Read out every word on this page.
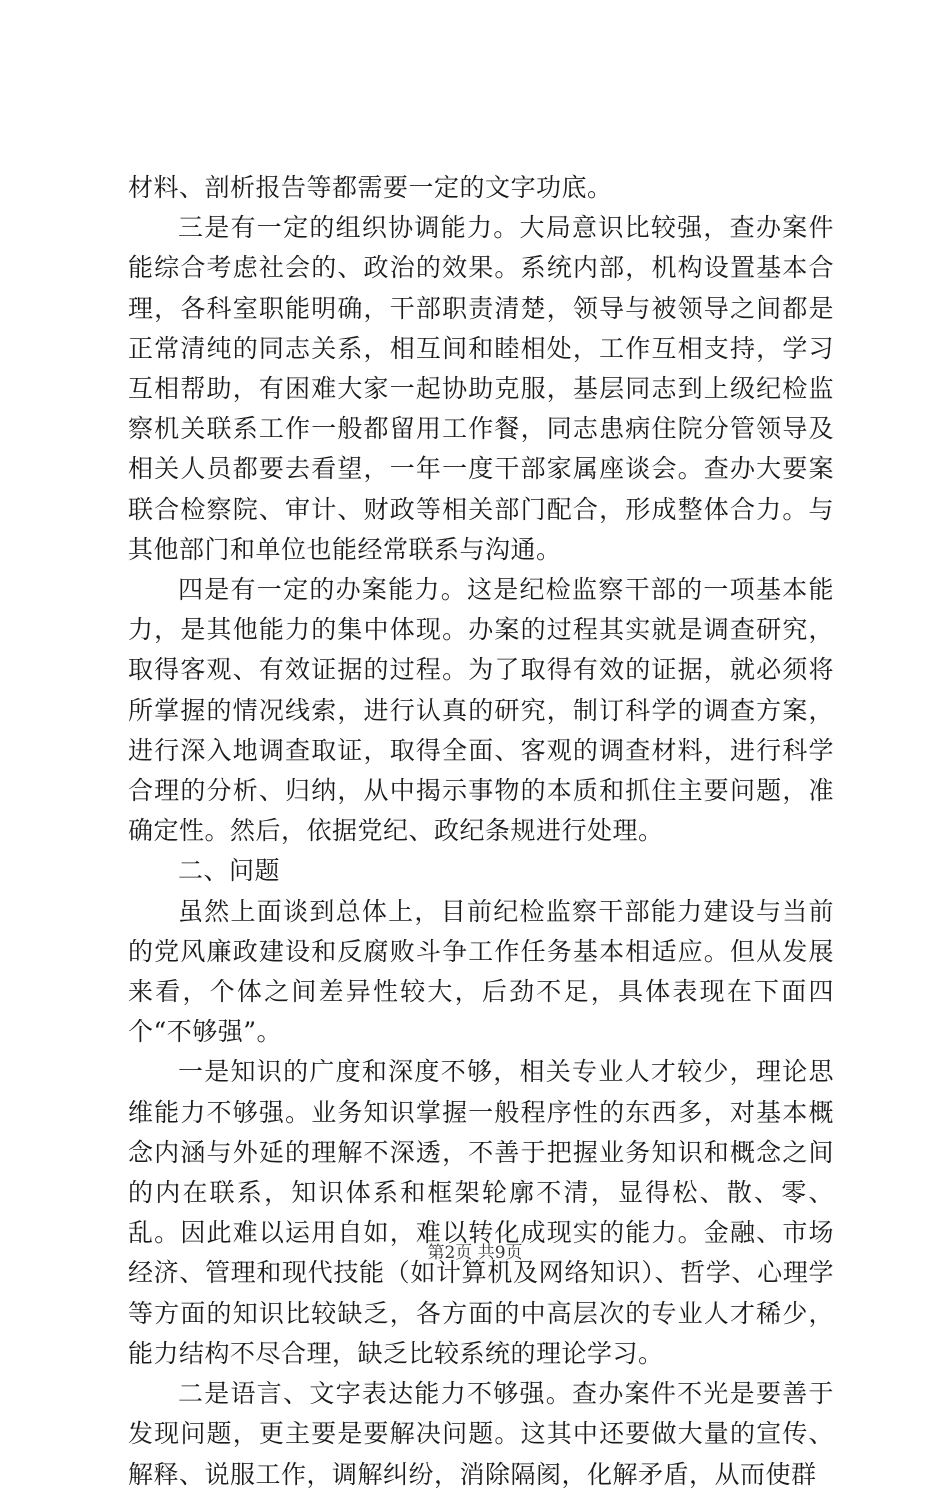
材料、剖析报告等都需要一定的文字功底。

三是有一定的组织协调能力。大局意识比较强，查办案件能综合考虑社会的、政治的效果。系统内部，机构设置基本合理，各科室职能明确，干部职责清楚，领导与被领导之间都是正常清纯的同志关系，相互间和睦相处，工作互相支持，学习互相帮助，有困难大家一起协助克服，基层同志到上级纪检监察机关联系工作一般都留用工作餐，同志患病住院分管领导及相关人员都要去看望，一年一度干部家属座谈会。查办大要案联合检察院、审计、财政等相关部门配合，形成整体合力。与其他部门和单位也能经常联系与沟通。

四是有一定的办案能力。这是纪检监察干部的一项基本能力，是其他能力的集中体现。办案的过程其实就是调查研究，取得客观、有效证据的过程。为了取得有效的证据，就必须将所掌握的情况线索，进行认真的研究，制订科学的调查方案，进行深入地调查取证，取得全面、客观的调查材料，进行科学合理的分析、归纳，从中揭示事物的本质和抓住主要问题，准确定性。然后，依据党纪、政纪条规进行处理。

二、问题

虽然上面谈到总体上，目前纪检监察干部能力建设与当前的党风廉政建设和反腐败斗争工作任务基本相适应。但从发展来看，个体之间差异性较大，后劲不足，具体表现在下面四个“不够强”。

一是知识的广度和深度不够，相关专业人才较少，理论思维能力不够强。业务知识掌握一般程序性的东西多，对基本概念内涵与外延的理解不深透，不善于把握业务知识和概念之间的内在联系，知识体系和框架轮廓不清，显得松、散、零、乱。因此难以运用自如，难以转化成现实的能力。金融、市场经济、管理和现代技能（如计算机及网络知识）、哲学、心理学等方面的知识比较缺乏，各方面的中高层次的专业人才稀少，能力结构不尽合理，缺乏比较系统的理论学习。

二是语言、文字表达能力不够强。查办案件不光是要善于发现问题，更主要是要解决问题。这其中还要做大量的宣传、解释、说服工作，调解纠纷，消除隔阂，化解矛盾，从而使群

第2页 共9页
